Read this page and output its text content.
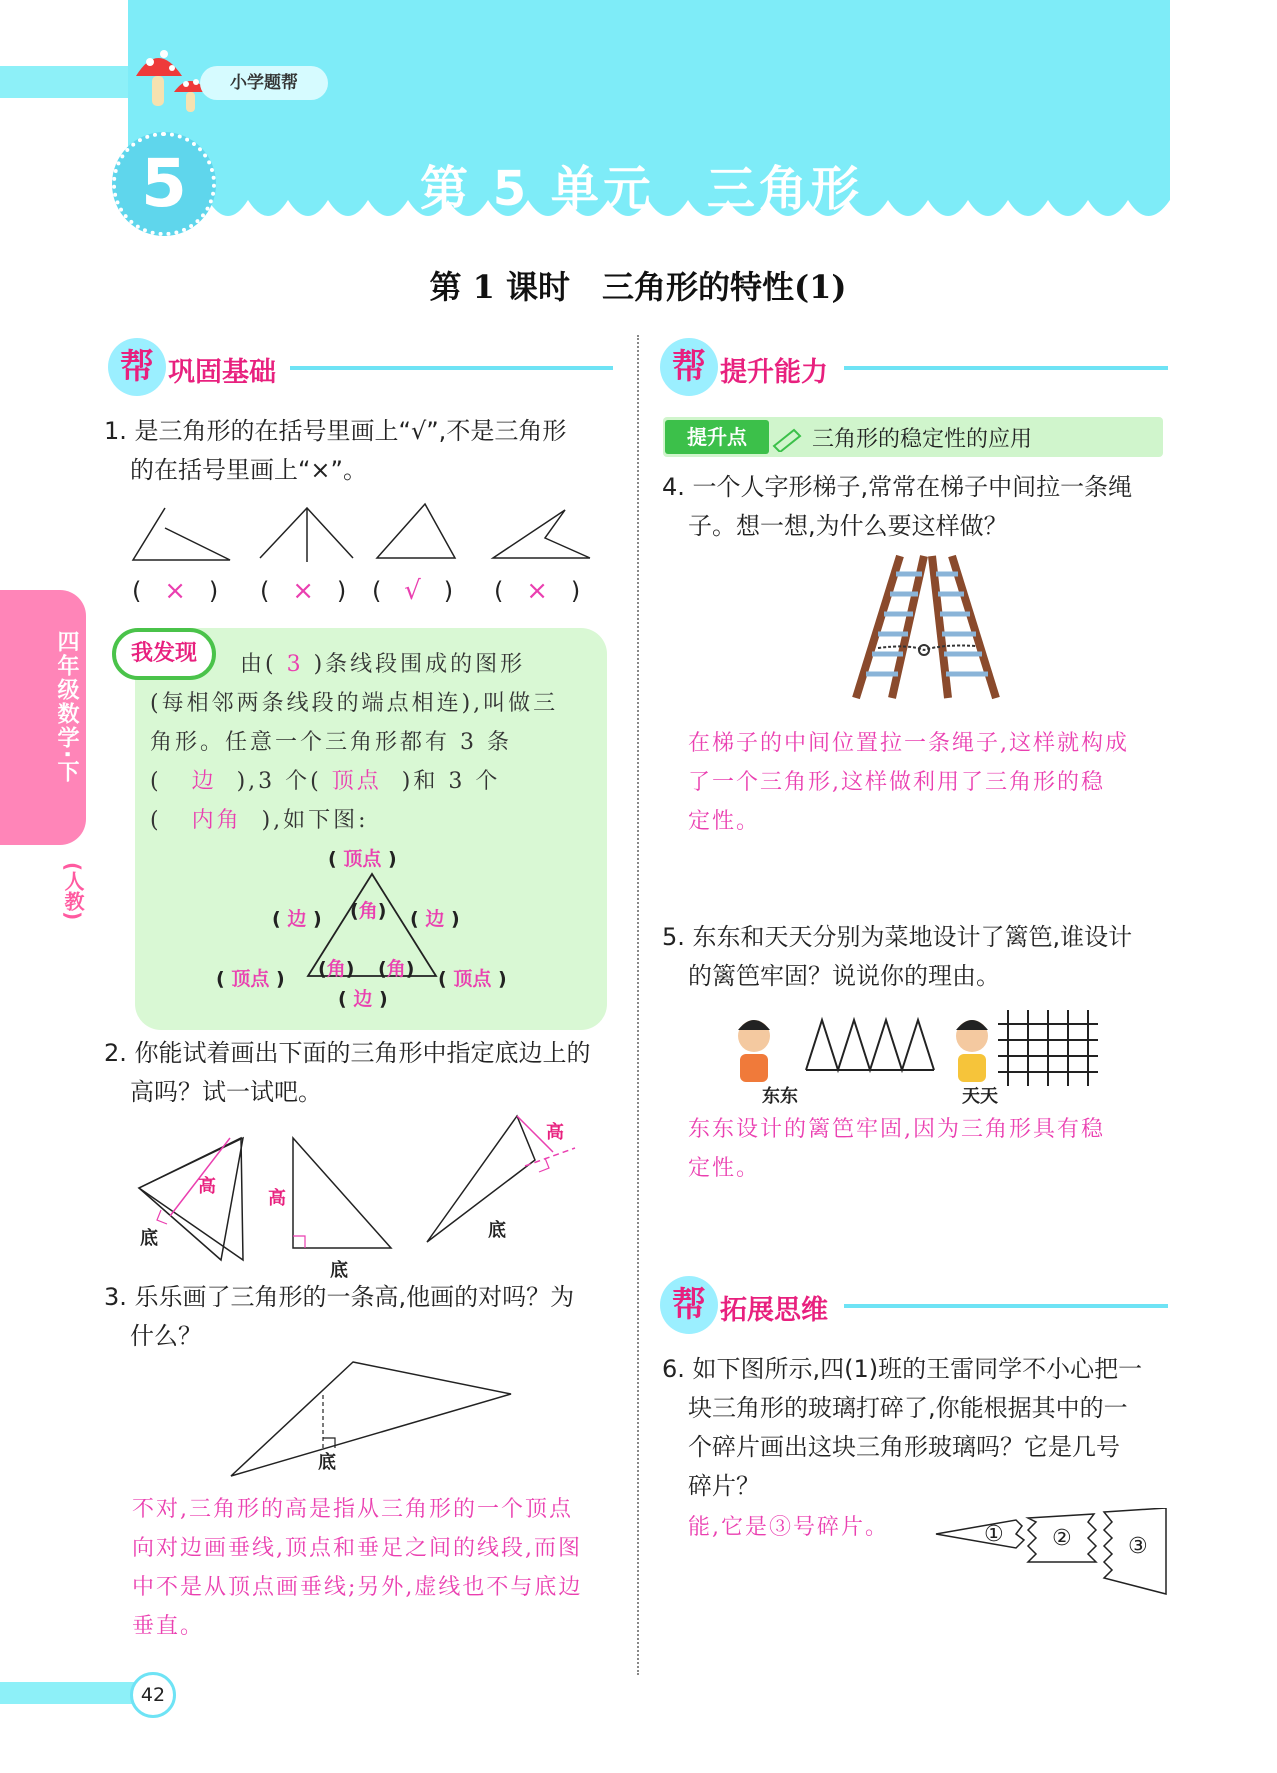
小学题帮
5	第 5 单元　三角形
第 1 课时　三角形的特性(1)
四年级数学·下
(人教)
帮 巩固基础
1. 是三角形的在括号里画上“√”,不是三角形
的在括号里画上“×”。
(   ×   ) (   ×   ) (   √   ) (   ×   )
我发现	由( 3 )条线段围成的图形
(每相邻两条线段的端点相连),叫做三
角形。任意一个三角形都有 3 条
(   边 ),3 个( 顶点 )和 3 个
(   内角 ),如下图:
( 顶点 )
( 边 )	( 边 )
(角)
(角) (角)
( 顶点 )	( 顶点 )
( 边 )
2. 你能试着画出下面的三角形中指定底边上的
高吗？试一试吧。
底
高
高
底
底
高
3. 乐乐画了三角形的一条高,他画的对吗？为
什么？
底
不对,三角形的高是指从三角形的一个顶点
向对边画垂线,顶点和垂足之间的线段,而图
中不是从顶点画垂线;另外,虚线也不与底边
垂直。
帮 提升能力
提升点	三角形的稳定性的应用
4. 一个人字形梯子,常常在梯子中间拉一条绳
子。想一想,为什么要这样做？
在梯子的中间位置拉一条绳子,这样就构成
了一个三角形,这样做利用了三角形的稳
定性。
5. 东东和天天分别为菜地设计了篱笆,谁设计
的篱笆牢固？说说你的理由。
东东	天天
东东设计的篱笆牢固,因为三角形具有稳
定性。
帮 拓展思维
6. 如下图所示,四(1)班的王雷同学不小心把一
块三角形的玻璃打碎了,你能根据其中的一
个碎片画出这块三角形玻璃吗？它是几号
碎片？
能,它是③号碎片。	① ②	③
42
